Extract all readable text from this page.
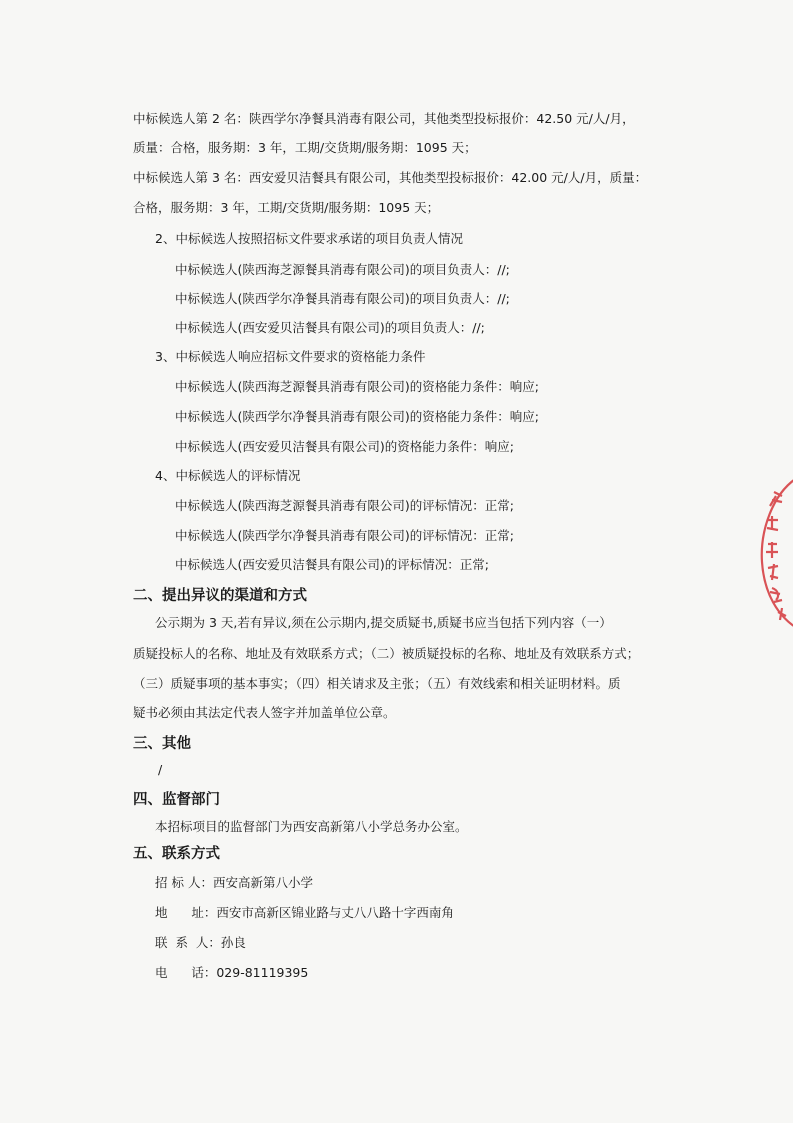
中标候选人第 2 名：陕西学尔净餐具消毒有限公司，其他类型投标报价：42.50 元/人/月，
质量：合格，服务期：3 年，工期/交货期/服务期：1095 天；
中标候选人第 3 名：西安爱贝洁餐具有限公司，其他类型投标报价：42.00 元/人/月，质量：
合格，服务期：3 年，工期/交货期/服务期：1095 天；
2、中标候选人按照招标文件要求承诺的项目负责人情况
中标候选人(陕西海芝源餐具消毒有限公司)的项目负责人：//;
中标候选人(陕西学尔净餐具消毒有限公司)的项目负责人：//;
中标候选人(西安爱贝洁餐具有限公司)的项目负责人：//;
3、中标候选人响应招标文件要求的资格能力条件
中标候选人(陕西海芝源餐具消毒有限公司)的资格能力条件：响应;
中标候选人(陕西学尔净餐具消毒有限公司)的资格能力条件：响应;
中标候选人(西安爱贝洁餐具有限公司)的资格能力条件：响应;
4、中标候选人的评标情况
中标候选人(陕西海芝源餐具消毒有限公司)的评标情况：正常;
中标候选人(陕西学尔净餐具消毒有限公司)的评标情况：正常;
中标候选人(西安爱贝洁餐具有限公司)的评标情况：正常;
二、提出异议的渠道和方式
公示期为 3 天,若有异议,须在公示期内,提交质疑书,质疑书应当包括下列内容（一）
质疑投标人的名称、地址及有效联系方式；（二）被质疑投标的名称、地址及有效联系方式；
（三）质疑事项的基本事实；（四）相关请求及主张；（五）有效线索和相关证明材料。质
疑书必须由其法定代表人签字并加盖单位公章。
三、其他
/
四、监督部门
本招标项目的监督部门为西安高新第八小学总务办公室。
五、联系方式
招 标 人：西安高新第八小学
地      址：西安市高新区锦业路与丈八八路十字西南角
联  系  人：孙良
电      话：029-81119395
